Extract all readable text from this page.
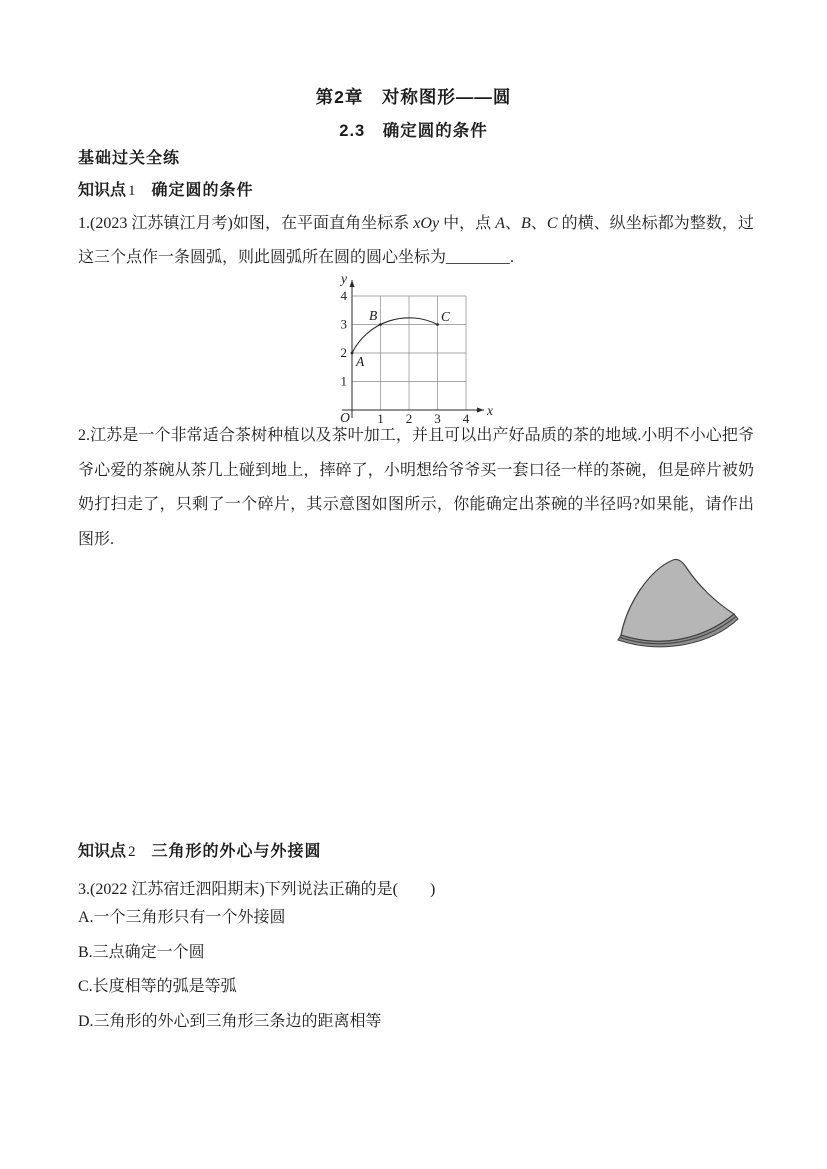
第2章　对称图形——圆
2.3　确定圆的条件
基础过关全练
知识点 1 确定圆的条件
1.(2023 江苏镇江月考)如图，在平面直角坐标系 xOy 中，点 A、B、C 的横、纵坐标都为整数，过这三个点作一条圆弧，则此圆弧所在圆的圆心坐标为________.
y
x
O 1 2 3 4
1
2
3
4
A
B	C
2.江苏是一个非常适合茶树种植以及茶叶加工，并且可以出产好品质的茶的地域.小明不小心把爷爷心爱的茶碗从茶几上碰到地上，摔碎了，小明想给爷爷买一套口径一样的茶碗，但是碎片被奶奶打扫走了，只剩了一个碎片，其示意图如图所示，你能确定出茶碗的半径吗?如果能，请作出图形.
知识点 2 三角形的外心与外接圆
3.(2022 江苏宿迁泗阳期末)下列说法正确的是(　　)
A.一个三角形只有一个外接圆
B.三点确定一个圆
C.长度相等的弧是等弧
D.三角形的外心到三角形三条边的距离相等
